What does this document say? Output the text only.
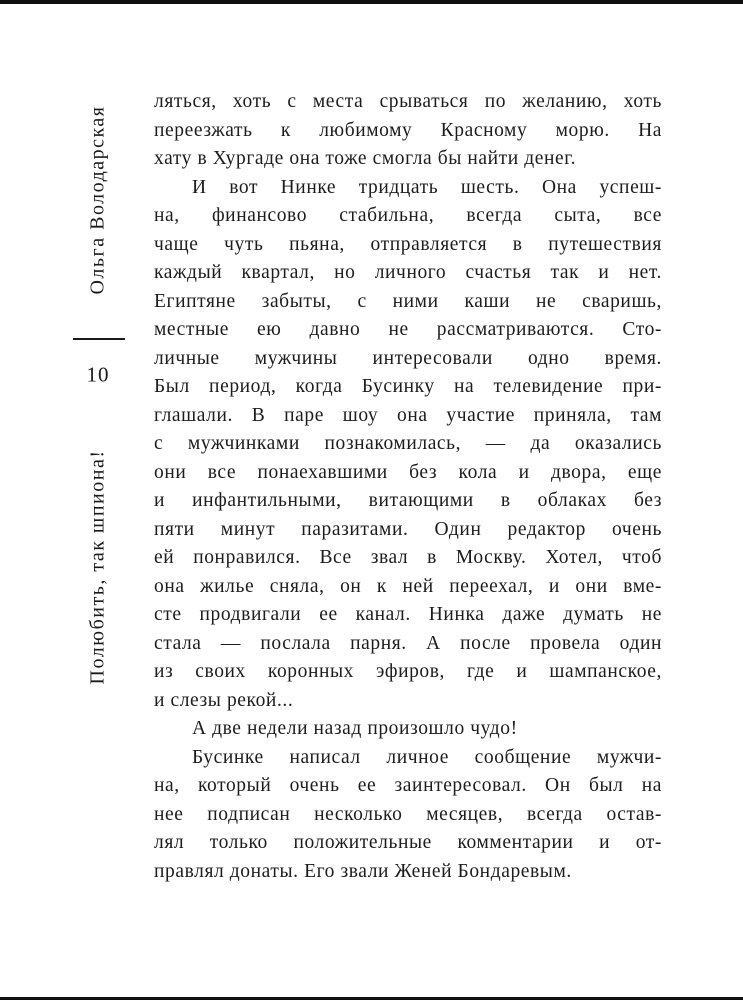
Ольга Володарская
10
Полюбить, так шпиона!
ляться, хоть с места срываться по желанию, хоть
переезжать к любимому Красному морю. На
хату в Хургаде она тоже смогла бы найти денег.
И вот Нинке тридцать шесть. Она успеш-
на, финансово стабильна, всегда сыта, все
чаще чуть пьяна, отправляется в путешествия
каждый квартал, но личного счастья так и нет.
Египтяне забыты, с ними каши не сваришь,
местные ею давно не рассматриваются. Сто-
личные мужчины интересовали одно время.
Был период, когда Бусинку на телевидение при-
глашали. В паре шоу она участие приняла, там
с мужчинками познакомилась, — да оказались
они все понаехавшими без кола и двора, еще
и инфантильными, витающими в облаках без
пяти минут паразитами. Один редактор очень
ей понравился. Все звал в Москву. Хотел, чтоб
она жилье сняла, он к ней переехал, и они вме-
сте продвигали ее канал. Нинка даже думать не
стала — послала парня. А после провела один
из своих коронных эфиров, где и шампанское,
и слезы рекой...
А две недели назад произошло чудо!
Бусинке написал личное сообщение мужчи-
на, который очень ее заинтересовал. Он был на
нее подписан несколько месяцев, всегда остав-
лял только положительные комментарии и от-
правлял донаты. Его звали Женей Бондаревым.
